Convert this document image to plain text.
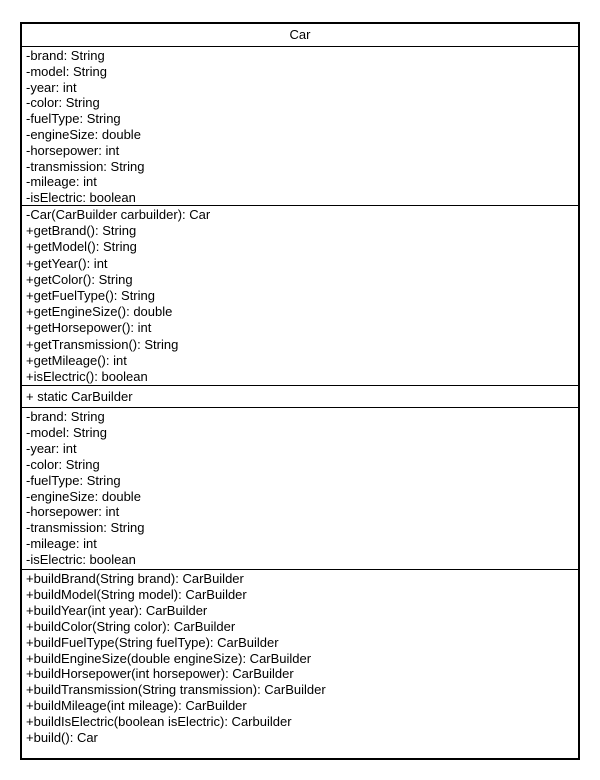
Car
-brand: String
-model: String
-year: int
-color: String
-fuelType: String
-engineSize: double
-horsepower: int
-transmission: String
-mileage: int
-isElectric: boolean
-Car(CarBuilder carbuilder): Car
+getBrand(): String
+getModel(): String
+getYear(): int
+getColor(): String
+getFuelType(): String
+getEngineSize(): double
+getHorsepower(): int
+getTransmission(): String
+getMileage(): int
+isElectric(): boolean
+ static CarBuilder
-brand: String
-model: String
-year: int
-color: String
-fuelType: String
-engineSize: double
-horsepower: int
-transmission: String
-mileage: int
-isElectric: boolean
+buildBrand(String brand): CarBuilder
+buildModel(String model): CarBuilder
+buildYear(int year): CarBuilder
+buildColor(String color): CarBuilder
+buildFuelType(String fuelType): CarBuilder
+buildEngineSize(double engineSize): CarBuilder
+buildHorsepower(int horsepower): CarBuilder
+buildTransmission(String transmission): CarBuilder
+buildMileage(int mileage): CarBuilder
+buildIsElectric(boolean isElectric): Carbuilder
+build(): Car
